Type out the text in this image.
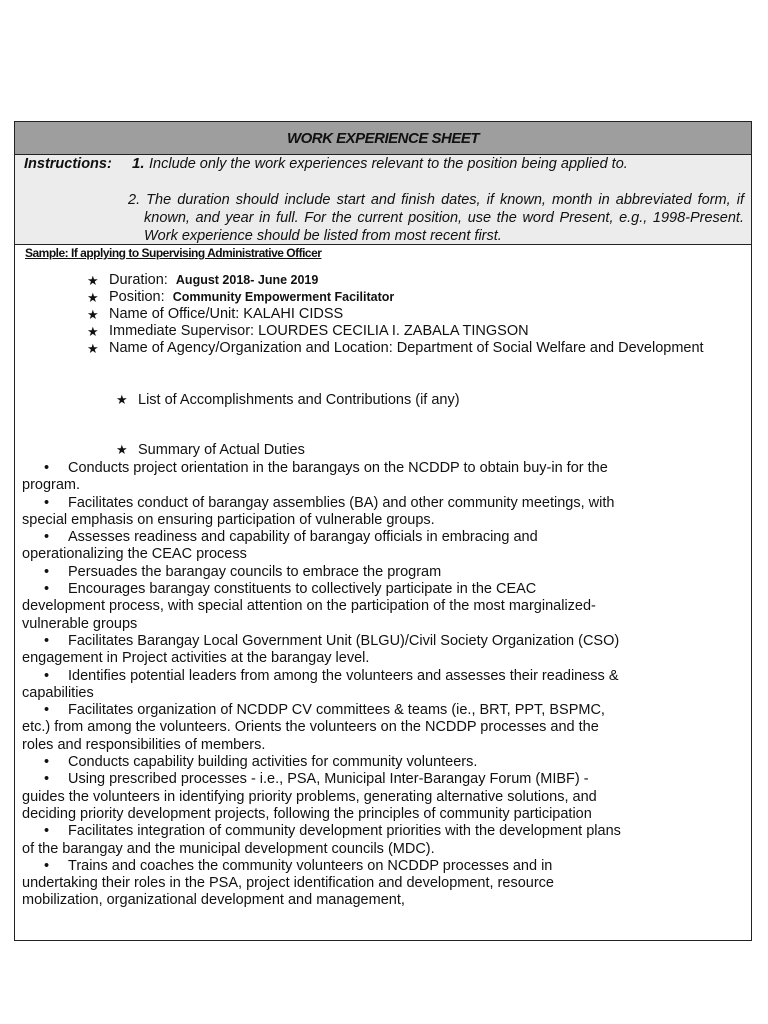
WORK EXPERIENCE SHEET
Instructions: 1. Include only the work experiences relevant to the position being applied to.
2. The duration should include start and finish dates, if known, month in abbreviated form, if known, and year in full. For the current position, use the word Present, e.g., 1998-Present. Work experience should be listed from most recent first.
Sample: If applying to Supervising Administrative Officer
★ Duration: August 2018- June 2019
★ Position: Community Empowerment Facilitator
★ Name of Office/Unit: KALAHI CIDSS
★ Immediate Supervisor: LOURDES CECILIA I. ZABALA TINGSON
★ Name of Agency/Organization and Location: Department of Social Welfare and Development
★ List of Accomplishments and Contributions (if any)
★ Summary of Actual Duties
• Conducts project orientation in the barangays on the NCDDP to obtain buy-in for the program.
• Facilitates conduct of barangay assemblies (BA) and other community meetings, with special emphasis on ensuring participation of vulnerable groups.
• Assesses readiness and capability of barangay officials in embracing and operationalizing the CEAC process
• Persuades the barangay councils to embrace the program
• Encourages barangay constituents to collectively participate in the CEAC development process, with special attention on the participation of the most marginalized-vulnerable groups
• Facilitates Barangay Local Government Unit (BLGU)/Civil Society Organization (CSO) engagement in Project activities at the barangay level.
• Identifies potential leaders from among the volunteers and assesses their readiness & capabilities
• Facilitates organization of NCDDP CV committees & teams (ie., BRT, PPT, BSPMC, etc.) from among the volunteers. Orients the volunteers on the NCDDP processes and the roles and responsibilities of members.
• Conducts capability building activities for community volunteers.
• Using prescribed processes - i.e., PSA, Municipal Inter-Barangay Forum (MIBF) - guides the volunteers in identifying priority problems, generating alternative solutions, and deciding priority development projects, following the principles of community participation
• Facilitates integration of community development priorities with the development plans of the barangay and the municipal development councils (MDC).
• Trains and coaches the community volunteers on NCDDP processes and in undertaking their roles in the PSA, project identification and development, resource mobilization, organizational development and management,
